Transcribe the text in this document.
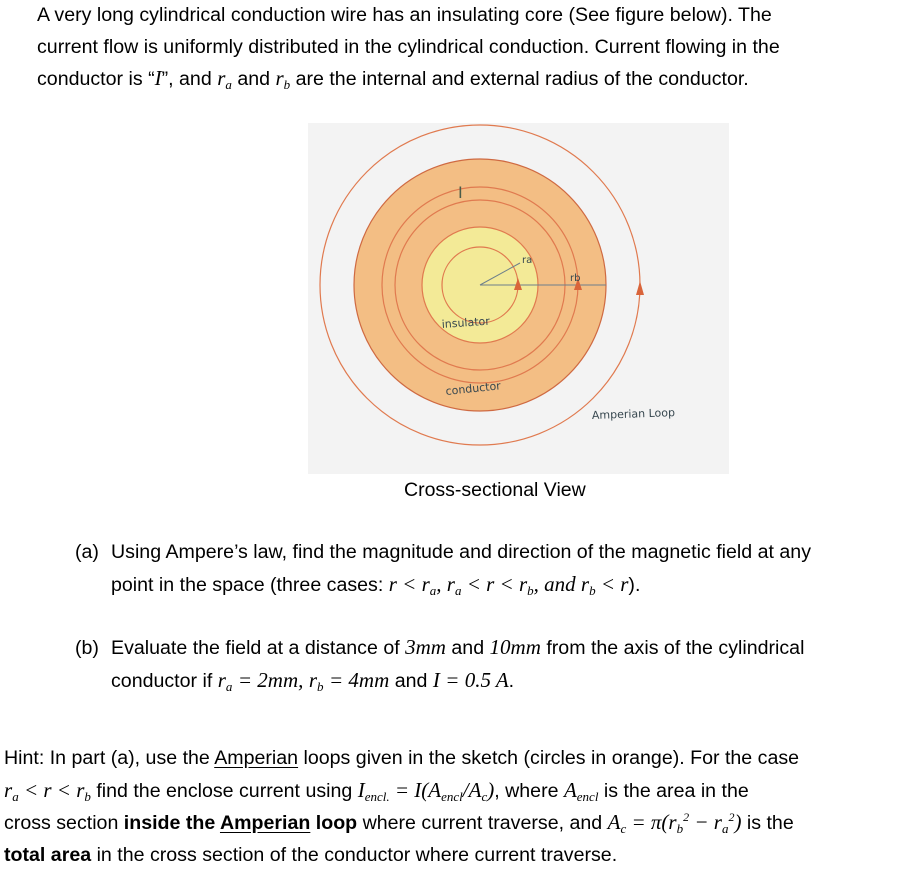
A very long cylindrical conduction wire has an insulating core (See figure below). The
current flow is uniformly distributed in the cylindrical conduction. Current flowing in the
conductor is “I”, and $r_a$ and $r_b$ are the internal and external radius of the conductor.
I
ra
rb
insulator
conductor
Amperian Loop
Cross-sectional View
(a) Using Ampere’s law, find the magnitude and direction of the magnetic field at any
point in the space (three cases: $r < r_a$, $r_a < r < r_b$, and $r_b < r$).
(b) Evaluate the field at a distance of 3mm and 10mm from the axis of the cylindrical
conductor if $r_a = 2mm$, $r_b = 4mm$ and I = 0.5 A.
Hint: In part (a), use the Amperian loops given in the sketch (circles in orange). For the case
$r_a < r < r_b$ find the enclose current using $I_{encl.} = I(A_{encl}/A_c)$, where $A_{encl}$ is the area in the
cross section inside the Amperian loop where current traverse, and $A_c = \pi(r_b^2 - r_a^2)$ is the
total area in the cross section of the conductor where current traverse.
